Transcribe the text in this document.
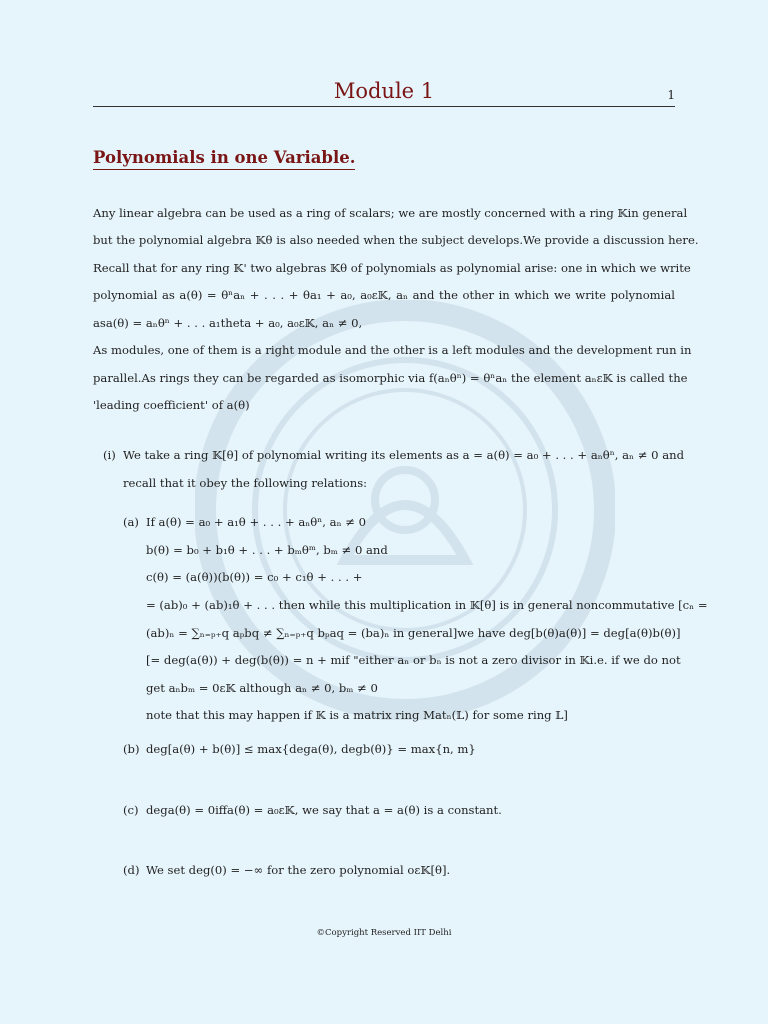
Module 1	1
Polynomials in one Variable.
Any linear algebra can be used as a ring of scalars; we are mostly concerned with a ring 𝕂in general
but the polynomial algebra 𝕂θ is also needed when the subject develops.We provide a discussion here.
Recall that for any ring 𝕂' two algebras 𝕂θ of polynomials as polynomial arise: one in which we write
polynomial as a(θ) = θⁿaₙ + . . . + θa₁ + a₀, a₀ε𝕂, aₙ and the other in which we write polynomial
asa(θ) = aₙθⁿ + . . . a₁theta + a₀, a₀ε𝕂, aₙ ≠ 0,
As modules, one of them is a right module and the other is a left modules and the development run in
parallel.As rings they can be regarded as isomorphic via f(aₙθⁿ) = θⁿaₙ the element aₙε𝕂 is called the
'leading coefficient' of a(θ)
(i) We take a ring 𝕂[θ] of polynomial writing its elements as a = a(θ) = a₀ + . . . + aₙθⁿ, aₙ ≠ 0 and
recall that it obey the following relations:
(a) If a(θ) = a₀ + a₁θ + . . . + aₙθⁿ, aₙ ≠ 0
b(θ) = b₀ + b₁θ + . . . + bₘθᵐ, bₘ ≠ 0 and
c(θ) = (a(θ))(b(θ)) = c₀ + c₁θ + . . . +
= (ab)₀ + (ab)₁θ + . . . then while this multiplication in 𝕂[θ] is in general noncommutative [cₙ =
(ab)ₙ = ∑ₙ₌ₚ₊q aₚbq ≠ ∑ₙ₌ₚ₊q bₚaq = (ba)ₙ in general]we have deg[b(θ)a(θ)] = deg[a(θ)b(θ)]
[= deg(a(θ)) + deg(b(θ)) = n + mif "either aₙ or bₙ is not a zero divisor in 𝕂i.e. if we do not
get aₙbₘ = 0ε𝕂 although aₙ ≠ 0, bₘ ≠ 0
note that this may happen if 𝕂 is a matrix ring Matₙ(𝕃) for some ring 𝕃]
(b) deg[a(θ) + b(θ)] ≤ max{dega(θ), degb(θ)} = max{n, m}
(c) dega(θ) = 0iffa(θ) = a₀ε𝕂, we say that a = a(θ) is a constant.
(d) We set deg(0) = −∞ for the zero polynomial oε𝕂[θ].
©Copyright Reserved IIT Delhi
